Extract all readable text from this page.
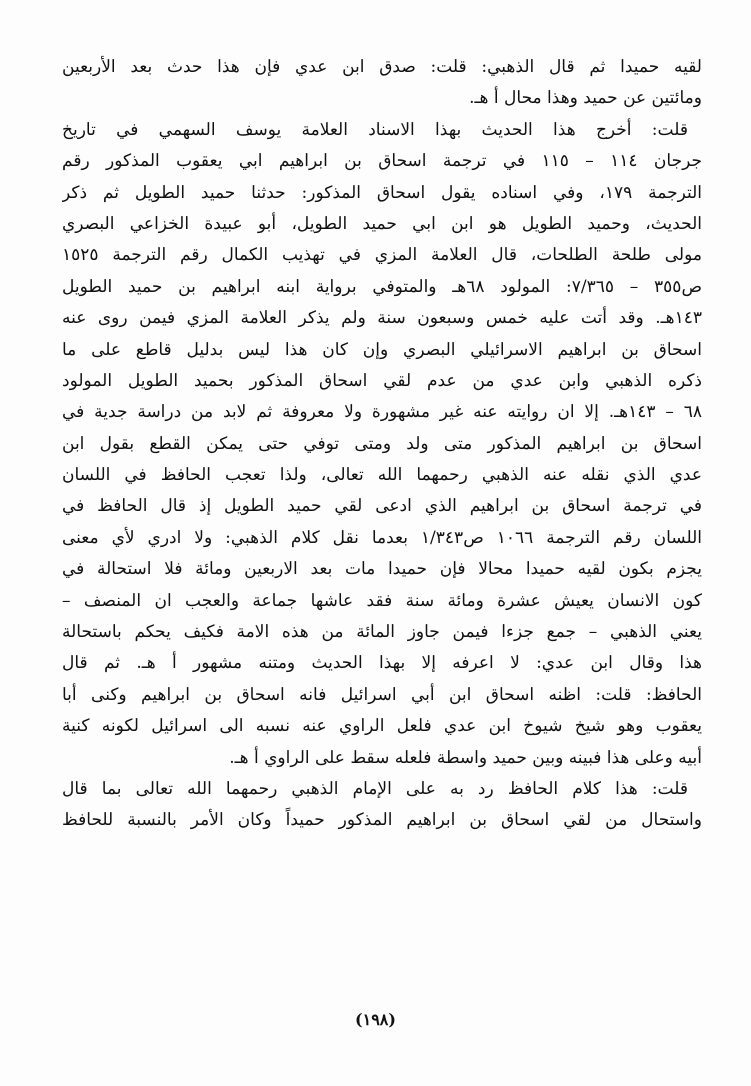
لقيه حميدا ثم قال الذهبي: قلت: صدق ابن عدي فإن هذا حدث بعد الأربعين
ومائتين عن حميد وهذا محال أ هـ.
قلت: أخرج هذا الحديث بهذا الاسناد العلامة يوسف السهمي في تاريخ
جرجان ١١٤ – ١١٥ في ترجمة اسحاق بن ابراهيم ابي يعقوب المذكور رقم
الترجمة ١٧٩، وفي اسناده يقول اسحاق المذكور: حدثنا حميد الطويل ثم ذكر
الحديث، وحميد الطويل هو ابن ابي حميد الطويل، أبو عبيدة الخزاعي البصري
مولى طلحة الطلحات، قال العلامة المزي في تهذيب الكمال رقم الترجمة ١٥٢٥
ص٣٥٥ – ٧/٣٦٥: المولود ٦٨هـ والمتوفي برواية ابنه ابراهيم بن حميد الطويل
١٤٣هـ. وقد أتت عليه خمس وسبعون سنة ولم يذكر العلامة المزي فيمن روى عنه
اسحاق بن ابراهيم الاسرائيلي البصري وإن كان هذا ليس بدليل قاطع على ما
ذكره الذهبي وابن عدي من عدم لقي اسحاق المذكور بحميد الطويل المولود
٦٨ – ١٤٣هـ. إلا ان روايته عنه غير مشهورة ولا معروفة ثم لابد من دراسة جدية في
اسحاق بن ابراهيم المذكور متى ولد ومتى توفي حتى يمكن القطع بقول ابن
عدي الذي نقله عنه الذهبي رحمهما الله تعالى، ولذا تعجب الحافظ في اللسان
في ترجمة اسحاق بن ابراهيم الذي ادعى لقي حميد الطويل إذ قال الحافظ في
اللسان رقم الترجمة ١٠٦٦ ص١/٣٤٣ بعدما نقل كلام الذهبي: ولا ادري لأي معنى
يجزم بكون لقيه حميدا محالا فإن حميدا مات بعد الاربعين ومائة فلا استحالة في
كون الانسان يعيش عشرة ومائة سنة فقد عاشها جماعة والعجب ان المنصف –
يعني الذهبي – جمع جزءا فيمن جاوز المائة من هذه الامة فكيف يحكم باستحالة
هذا وقال ابن عدي: لا اعرفه إلا بهذا الحديث ومتنه مشهور أ هـ. ثم قال
الحافظ: قلت: اظنه اسحاق ابن أبي اسرائيل فانه اسحاق بن ابراهيم وكنى أبا
يعقوب وهو شيخ شيوخ ابن عدي فلعل الراوي عنه نسبه الى اسرائيل لكونه كنية
أبيه وعلى هذا فبينه وبين حميد واسطة فلعله سقط على الراوي أ هـ.
قلت: هذا كلام الحافظ رد به على الإمام الذهبي رحمهما الله تعالى بما قال
واستحال من لقي اسحاق بن ابراهيم المذكور حميداً وكان الأمر بالنسبة للحافظ
(١٩٨)
